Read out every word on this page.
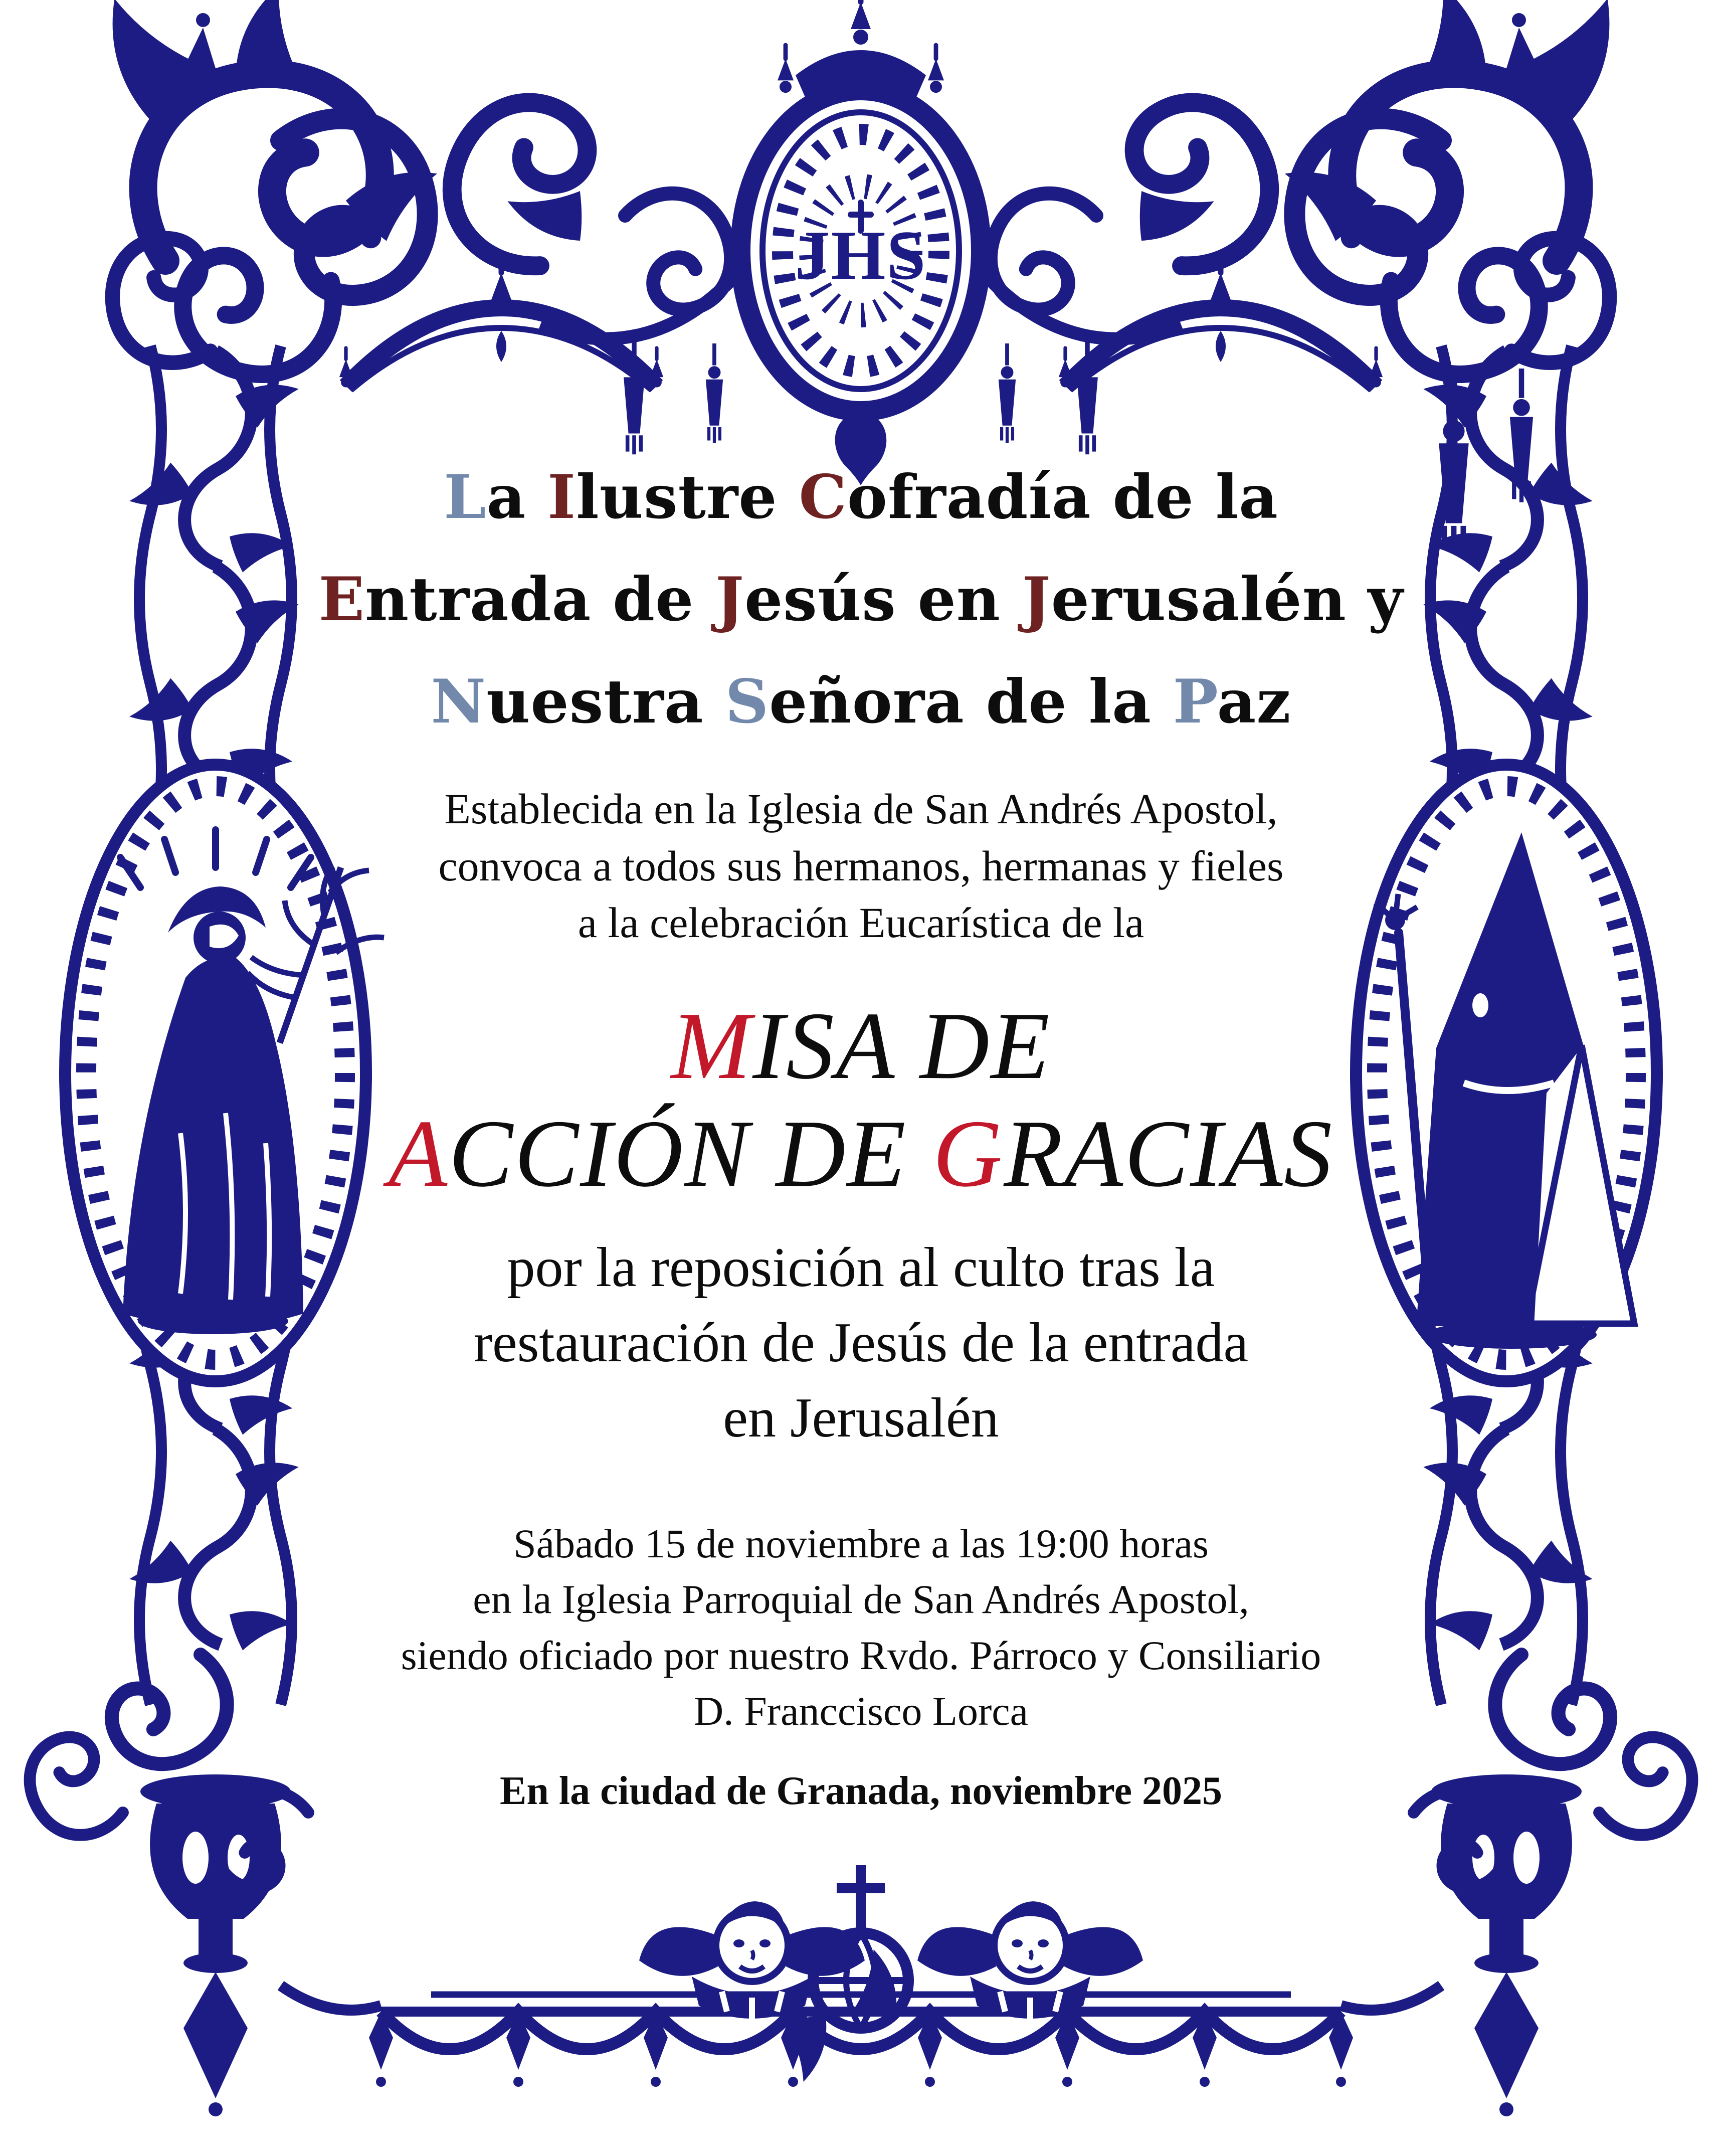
JHS
La Ilustre Cofradía de la
Entrada de Jesús en Jerusalén y
Nuestra Señora de la Paz

Establecida en la Iglesia de San Andrés Apostol,
convoca a todos sus hermanos, hermanas y fieles
a la celebración Eucarística de la

MISA DE
ACCIÓN DE GRACIAS

por la reposición al culto tras la
restauración de Jesús de la entrada
en Jerusalén

Sábado 15 de noviembre a las 19:00 horas
en la Iglesia Parroquial de San Andrés Apostol,
siendo oficiado por nuestro Rvdo. Párroco y Consiliario
D. Franccisco Lorca

En la ciudad de Granada, noviembre 2025
